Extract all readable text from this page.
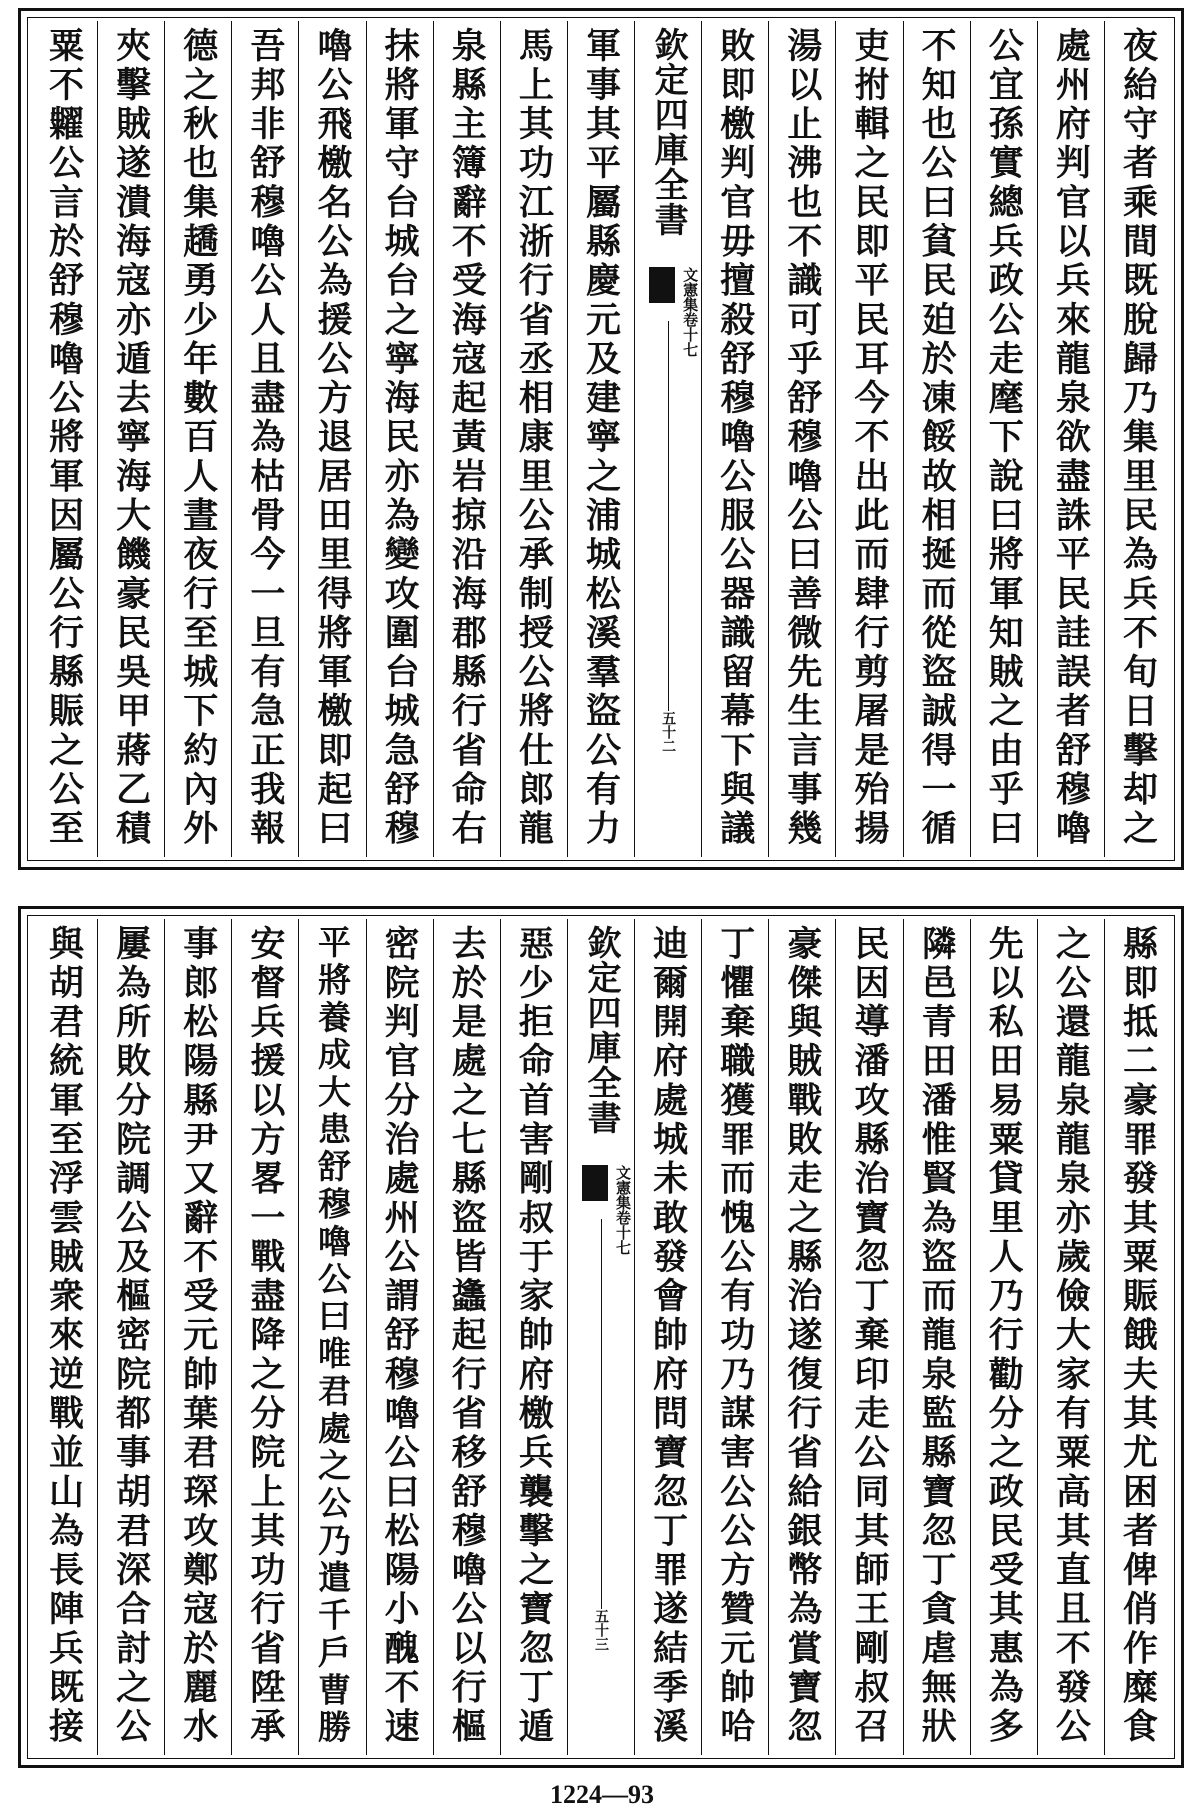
夜紿守者乘間既脫歸乃集里民為兵不旬日擊却之
處州府判官以兵來龍泉欲盡誅平民詿誤者舒穆嚕
公宜孫實總兵政公走麾下說曰將軍知賊之由乎曰
不知也公曰貧民廹於凍餒故相挻而從盜誠得一循
吏拊輯之民即平民耳今不出此而肆行剪屠是殆揚
湯以止沸也不識可乎舒穆嚕公曰善微先生言事幾
敗即檄判官毋擅殺舒穆嚕公服公器識留幕下與議
欽定四庫全書
文憲集卷十七
五十二
軍事其平屬縣慶元及建寧之浦城松溪羣盜公有力
馬上其功江浙行省丞相康里公承制授公將仕郎龍
泉縣主簿辭不受海寇起黃岩掠沿海郡縣行省命右
抹將軍守台城台之寧海民亦為變攻圍台城急舒穆
嚕公飛檄名公為援公方退居田里得將軍檄即起曰
吾邦非舒穆嚕公人且盡為枯骨今一旦有急正我報
德之秋也集趫勇少年數百人晝夜行至城下約內外
夾擊賊遂潰海寇亦遁去寧海大饑豪民吳甲蔣乙積
粟不糶公言於舒穆嚕公將軍因屬公行縣賑之公至
縣即抵二豪罪發其粟賑餓夫其尤困者俾俏作糜食
之公還龍泉龍泉亦歲儉大家有粟高其直且不發公
先以私田易粟貸里人乃行勸分之政民受其惠為多
隣邑青田潘惟賢為盜而龍泉監縣寶忽丁貪虐無狀
民因導潘攻縣治寶忽丁棄印走公同其師王剛叔召
豪傑與賊戰敗走之縣治遂復行省給銀幣為賞寶忽
丁懼棄職獲罪而愧公有功乃謀害公公方贊元帥哈
迪爾開府處城未敢發會帥府問寶忽丁罪遂結季溪
欽定四庫全書
文憲集卷十七
五十三
惡少拒命首害剛叔于家帥府檄兵襲擊之寶忽丁遁
去於是處之七縣盜皆蠭起行省移舒穆嚕公以行樞
密院判官分治處州公謂舒穆嚕公曰松陽小醜不速
平將養成大患舒穆嚕公曰唯君處之公乃遣千戶曹勝
安督兵援以方畧一戰盡降之分院上其功行省陞承
事郎松陽縣尹又辭不受元帥葉君琛攻鄭寇於麗水
屢為所敗分院調公及樞密院都事胡君深合討之公
與胡君統軍至浮雲賊衆來逆戰並山為長陣兵既接
1224—93
